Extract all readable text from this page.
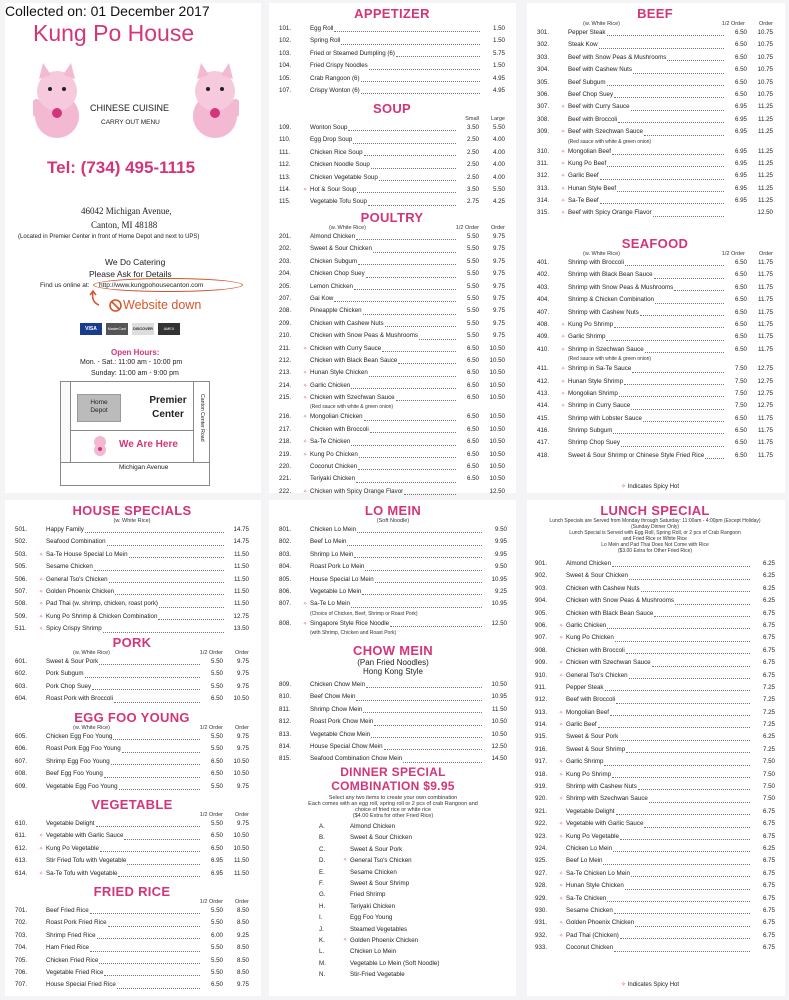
Collected on: 01 December 2017
Kung Po House
CHINESE CUISINE
CARRY OUT MENU
Tel: (734) 495-1115
46042 Michigan Avenue,
Canton, MI 48188
(Located in Premier Center in front of Home Depot and next to UPS)
We Do Catering
Please Ask for Details
Find us online at: http://www.kungpohousecanton.com
Website down
VISA	MasterCard	DISCOVER	AMEX
Open Hours:
Mon. - Sat.: 11:00 am - 10:00 pm
Sunday: 11:00 am - 9:00 pm
Home Depot
Premier Center
We Are Here
Canton Center Road
Michigan Avenue
APPETIZER
101.	Egg Roll	1.50
102.	Spring Roll	1.50
103.	Fried or Steamed Dumpling (6)	5.75
104.	Fried Crispy Noodles	1.50
105.	Crab Rangoon (6)	4.95
107.	Crispy Wonton (6)	4.95
SOUP
Small	Large
109.	Wonton Soup	3.50	5.50
110.	Egg Drop Soup	2.50	4.00
111.	Chicken Rice Soup	2.50	4.00
112.	Chicken Noodle Soup	2.50	4.00
113.	Chicken Vegetable Soup	2.50	4.00
114.	✧ Hot & Sour Soup	3.50	5.50
115.	Vegetable Tofu Soup	2.75	4.25
POULTRY
(w. White Rice)	1/2 Order	Order
201.	Almond Chicken	5.50	9.75
202.	Sweet & Sour Chicken	5.50	9.75
203.	Chicken Subgum	5.50	9.75
204.	Chicken Chop Suey	5.50	9.75
205.	Lemon Chicken	5.50	9.75
207.	Gai Kow	5.50	9.75
208.	Pineapple Chicken	5.50	9.75
209.	Chicken with Cashew Nuts	5.50	9.75
210.	Chicken with Snow Peas & Mushrooms	5.50	9.75
211.	✧ Chicken with Curry Sauce	6.50	10.50
212.	Chicken with Black Bean Sauce	6.50	10.50
213.	✧ Hunan Style Chicken	6.50	10.50
214.	✧ Garlic Chicken	6.50	10.50
215.	✧ Chicken with Szechwan Sauce	6.50	10.50
(Red sauce with white & green onion)
216.	✧ Mongolian Chicken	6.50	10.50
217.	Chicken with Broccoli	6.50	10.50
218.	✧ Sa-Te Chicken	6.50	10.50
219.	✧ Kung Po Chicken	6.50	10.50
220.	Coconut Chicken	6.50	10.50
221.	Teriyaki Chicken	6.50	10.50
222.	✧ Chicken with Spicy Orange Flavor	12.50
BEEF
(w. White Rice)	1/2 Order	Order
301.	Pepper Steak	6.50	10.75
302.	Steak Kow	6.50	10.75
303.	Beef with Snow Peas & Mushrooms	6.50	10.75
304.	Beef with Cashew Nuts	6.50	10.75
305.	Beef Subgum	6.50	10.75
306.	Beef Chop Suey	6.50	10.75
307.	✧ Beef with Curry Sauce	6.95	11.25
308.	Beef with Broccoli	6.95	11.25
309.	✧ Beef with Szechwan Sauce	6.95	11.25
(Red sauce with white & green onion)
310.	✧ Mongolian Beef	6.95	11.25
311.	✧ Kung Po Beef	6.95	11.25
312.	✧ Garlic Beef	6.95	11.25
313.	✧ Hunan Style Beef	6.95	11.25
314.	✧ Sa-Te Beef	6.95	11.25
315.	✧ Beef with Spicy Orange Flavor	12.50
SEAFOOD
(w. White Rice)	1/2 Order	Order
401.	Shrimp with Broccoli	6.50	11.75
402.	Shrimp with Black Bean Sauce	6.50	11.75
403.	Shrimp with Snow Peas & Mushrooms	6.50	11.75
404.	Shrimp & Chicken Combination	6.50	11.75
407.	Shrimp with Cashew Nuts	6.50	11.75
408.	✧ Kung Po Shrimp	6.50	11.75
409.	✧ Garlic Shrimp	6.50	11.75
410.	✧ Shrimp in Szechwan Sauce	6.50	11.75
(Red sauce with white & green onion)
411.	✧ Shrimp in Sa-Te Sauce	7.50	12.75
412.	✧ Hunan Style Shrimp	7.50	12.75
413.	✧ Mongolian Shrimp	7.50	12.75
414.	✧ Shrimp in Curry Sauce	7.50	12.75
415.	Shrimp with Lobster Sauce	6.50	11.75
416.	Shrimp Subgum	6.50	11.75
417.	Shrimp Chop Suey	6.50	11.75
418.	Sweet & Sour Shrimp or Chinese Style Fried Rice	6.50	11.75
✧ Indicates Spicy Hot
HOUSE SPECIALS
(w. White Rice)
501.	Happy Family	14.75
502.	Seafood Combination	14.75
503.	✧ Sa-Te House Special Lo Mein	11.50
505.	Sesame Chicken	11.50
506.	✧ General Tso's Chicken	11.50
507.	✧ Golden Phoenix Chicken	11.50
508.	✧ Pad Thai (w. shrimp, chicken, roast pork)	11.50
509.	✧ Kung Po Shrimp & Chicken Combination	12.75
511.	✧ Spicy Crispy Shrimp	13.50
PORK
(w. White Rice)	1/2 Order	Order
601.	Sweet & Sour Pork	5.50	9.75
602.	Pork Subgum	5.50	9.75
603.	Pork Chop Suey	5.50	9.75
604.	Roast Pork with Broccoli	6.50	10.50
EGG FOO YOUNG
(w. White Rice)	1/2 Order	Order
605.	Chicken Egg Foo Young	5.50	9.75
606.	Roast Pork Egg Foo Young	5.50	9.75
607.	Shrimp Egg Foo Young	6.50	10.50
608.	Beef Egg Foo Young	6.50	10.50
609.	Vegetable Egg Foo Young	5.50	9.75
VEGETABLE
1/2 Order	Order
610.	Vegetable Delight	5.50	9.75
611.	✧ Vegetable with Garlic Sauce	6.50	10.50
612.	✧ Kung Po Vegetable	6.50	10.50
613.	Stir Fried Tofu with Vegetable	6.95	11.50
614.	✧ Sa-Te Tofu with Vegetable	6.95	11.50
FRIED RICE
1/2 Order	Order
701.	Beef Fried Rice	5.50	8.50
702.	Roast Pork Fried Rice	5.50	8.50
703.	Shrimp Fried Rice	6.00	9.25
704.	Ham Fried Rice	5.50	8.50
705.	Chicken Fried Rice	5.50	8.50
706.	Vegetable Fried Rice	5.50	8.50
707.	House Special Fried Rice	6.50	9.75
LO MEIN
(Soft Noodle)
801.	Chicken Lo Mein	9.50
802.	Beef Lo Mein	9.95
803.	Shrimp Lo Mein	9.95
804.	Roast Pork Lo Mein	9.50
805.	House Special Lo Mein	10.95
806.	Vegetable Lo Mein	9.25
807.	✧ Sa-Te Lo Mein	10.95
(Choice of Chicken, Beef, Shrimp or Roast Pork)
808.	✧ Singapore Style Rice Noodle	12.50
(with Shrimp, Chicken and Roast Pork)
CHOW MEIN
(Pan Fried Noodles)
Hong Kong Style
809.	Chicken Chow Mein	10.50
810.	Beef Chow Mein	10.95
811.	Shrimp Chow Mein	11.50
812.	Roast Pork Chow Mein	10.50
813.	Vegetable Chow Mein	10.50
814.	House Special Chow Mein	12.50
815.	Seafood Combination Chow Mein	14.50
DINNER SPECIAL
COMBINATION $9.95
Select any two items to create your own combination
Each comes with an egg roll, spring roll or 2 pcs of crab Rangoon and
choice of fried rice or white rice
($4.00 Extra for other Fried Rice)
A.	Almond Chicken
B.	Sweet & Sour Chicken
C.	Sweet & Sour Pork
D.	✧ General Tso's Chicken
E.	Sesame Chicken
F.	Sweet & Sour Shrimp
G.	Fried Shrimp
H.	Teriyaki Chicken
I.	Egg Foo Young
J.	Steamed Vegetables
K.	✧ Golden Phoenix Chicken
L.	Chicken Lo Mein
M.	Vegetable Lo Mein (Soft Noodle)
N.	Stir-Fried Vegetable
LUNCH SPECIAL
Lunch Specials are Served from Monday through Saturday: 11:00am - 4:00pm (Except Holiday)
(Sunday Dinner Only)
Lunch Special is Served with Egg Roll, Spring Roll, or 2 pcs of Crab Rangoon
and Fried Rice or White Rice
Lo Mein and Pad Thai Does Not Come with Rice
($3.00 Extra for Other Fried Rice)
901.	Almond Chicken	6.25
902.	Sweet & Sour Chicken	6.25
903.	Chicken with Cashew Nuts	6.25
904.	Chicken with Snow Peas & Mushrooms	6.25
905.	Chicken with Black Bean Sauce	6.75
906.	✧ Garlic Chicken	6.75
907.	✧ Kung Po Chicken	6.75
908.	Chicken with Broccoli	6.75
909.	✧ Chicken with Szechwan Sauce	6.75
910.	✧ General Tso's Chicken	6.75
911.	Pepper Steak	7.25
912.	Beef with Broccoli	7.25
913.	✧ Mongolian Beef	7.25
914.	✧ Garlic Beef	7.25
915.	Sweet & Sour Pork	6.25
916.	Sweet & Sour Shrimp	7.25
917.	✧ Garlic Shrimp	7.50
918.	✧ Kung Po Shrimp	7.50
919.	Shrimp with Cashew Nuts	7.50
920.	✧ Shrimp with Szechwan Sauce	7.50
921.	Vegetable Delight	6.75
922.	✧ Vegetable with Garlic Sauce	6.75
923.	✧ Kung Po Vegetable	6.75
924.	Chicken Lo Mein	6.25
925.	Beef Lo Mein	6.75
927.	✧ Sa-Te Chicken Lo Mein	6.75
928.	✧ Hunan Style Chicken	6.75
929.	✧ Sa-Te Chicken	6.75
930.	Sesame Chicken	6.75
931.	✧ Golden Phoenix Chicken	6.75
932.	✧ Pad Thai (Chicken)	6.75
933.	Coconut Chicken	6.75
✧ Indicates Spicy Hot
